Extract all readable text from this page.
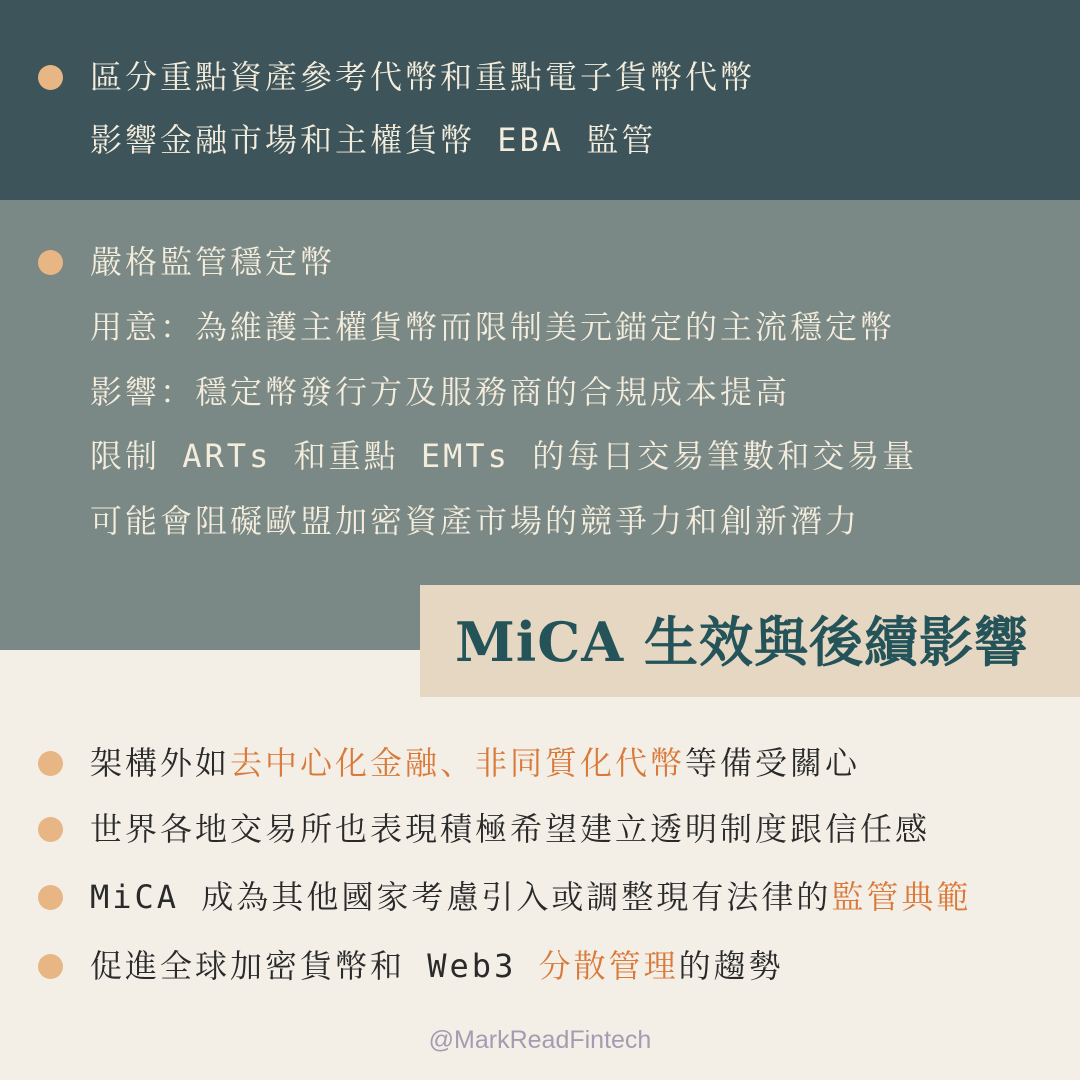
區分重點資產參考代幣和重點電子貨幣代幣
影響金融市場和主權貨幣 EBA 監管
嚴格監管穩定幣
用意：為維護主權貨幣而限制美元錨定的主流穩定幣
影響：穩定幣發行方及服務商的合規成本提高
限制 ARTs 和重點 EMTs 的每日交易筆數和交易量
可能會阻礙歐盟加密資產市場的競爭力和創新潛力
MiCA 生效與後續影響
架構外如去中心化金融、非同質化代幣等備受關心
世界各地交易所也表現積極希望建立透明制度跟信任感
MiCA 成為其他國家考慮引入或調整現有法律的監管典範
促進全球加密貨幣和 Web3 分散管理的趨勢
@MarkReadFintech
